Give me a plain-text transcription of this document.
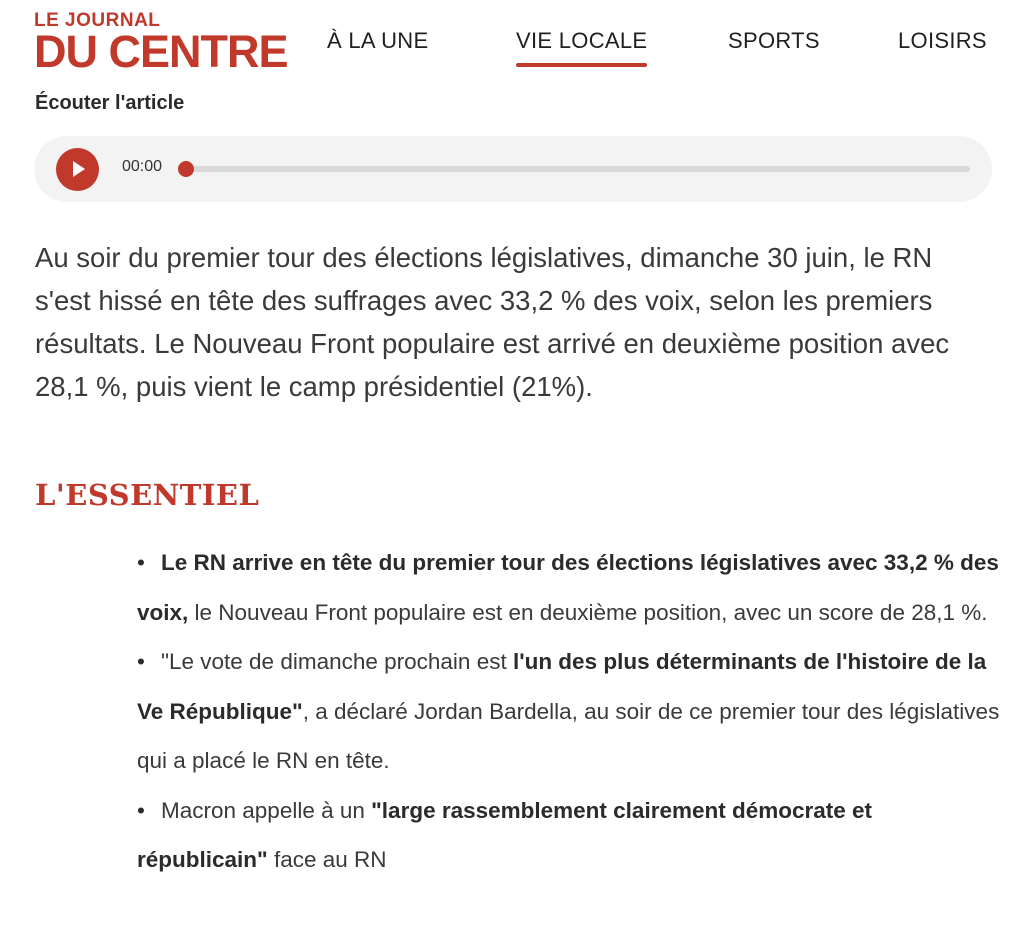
LE JOURNAL
DU CENTRE À LA UNE	VIE LOCALE	SPORTS	LOISIRS
Écouter l'article
00:00

Au soir du premier tour des élections législatives, dimanche 30 juin, le RN s'est hissé en tête des suffrages avec 33,2 % des voix, selon les premiers résultats. Le Nouveau Front populaire est arrivé en deuxième position avec 28,1 %, puis vient le camp présidentiel (21%).

L'ESSENTIEL
• Le RN arrive en tête du premier tour des élections législatives avec 33,2 % des voix, le Nouveau Front populaire est en deuxième position, avec un score de 28,1 %.
• "Le vote de dimanche prochain est l'un des plus déterminants de l'histoire de la Ve République", a déclaré Jordan Bardella, au soir de ce premier tour des législatives qui a placé le RN en tête.
• Macron appelle à un "large rassemblement clairement démocrate et républicain" face au RN
